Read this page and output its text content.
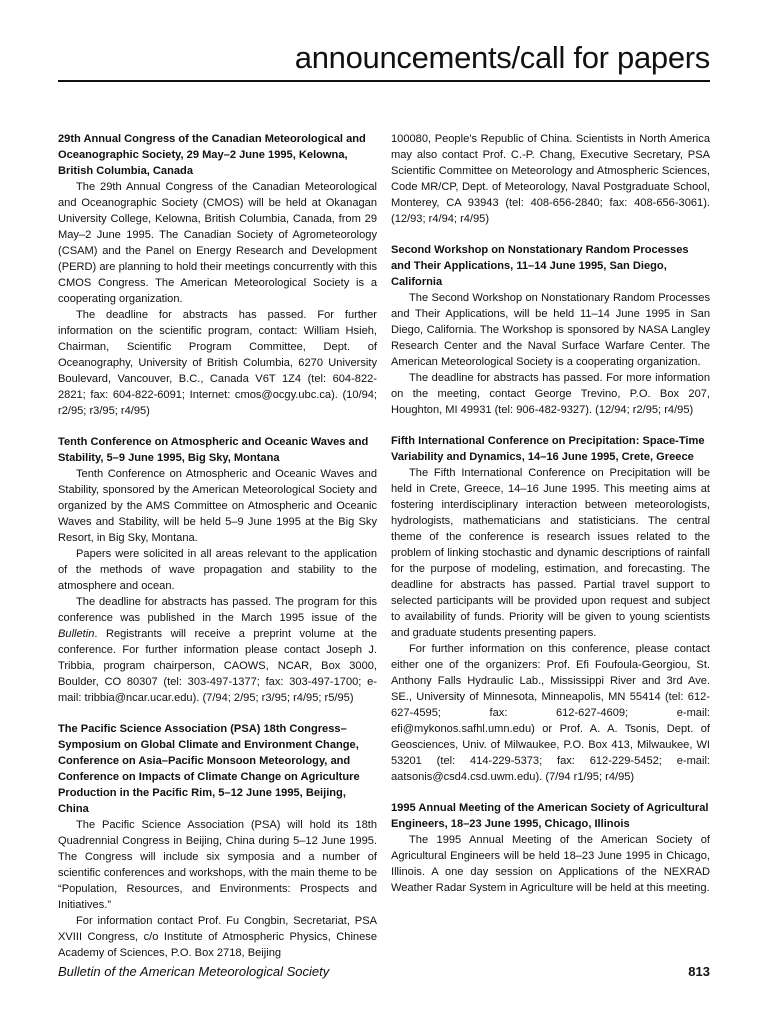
announcements/call for papers
29th Annual Congress of the Canadian Meteorological and Oceanographic Society, 29 May–2 June 1995, Kelowna, British Columbia, Canada

The 29th Annual Congress of the Canadian Meteorological and Oceanographic Society (CMOS) will be held at Okanagan University College, Kelowna, British Columbia, Canada, from 29 May–2 June 1995. The Canadian Society of Agrometeorology (CSAM) and the Panel on Energy Research and Development (PERD) are planning to hold their meetings concurrently with this CMOS Congress. The American Meteorological Society is a cooperating organization.

The deadline for abstracts has passed. For further information on the scientific program, contact: William Hsieh, Chairman, Scientific Program Committee, Dept. of Oceanography, University of British Columbia, 6270 University Boulevard, Vancouver, B.C., Canada V6T 1Z4 (tel: 604-822-2821; fax: 604-822-6091; Internet: cmos@ocgy.ubc.ca). (10/94; r2/95; r3/95; r4/95)

Tenth Conference on Atmospheric and Oceanic Waves and Stability, 5–9 June 1995, Big Sky, Montana

Tenth Conference on Atmospheric and Oceanic Waves and Stability, sponsored by the American Meteorological Society and organized by the AMS Committee on Atmospheric and Oceanic Waves and Stability, will be held 5–9 June 1995 at the Big Sky Resort, in Big Sky, Montana.

Papers were solicited in all areas relevant to the application of the methods of wave propagation and stability to the atmosphere and ocean.

The deadline for abstracts has passed. The program for this conference was published in the March 1995 issue of the Bulletin. Registrants will receive a preprint volume at the conference. For further information please contact Joseph J. Tribbia, program chairperson, CAOWS, NCAR, Box 3000, Boulder, CO 80307 (tel: 303-497-1377; fax: 303-497-1700; e-mail: tribbia@ncar.ucar.edu). (7/94; 2/95; r3/95; r4/95; r5/95)

The Pacific Science Association (PSA) 18th Congress–Symposium on Global Climate and Environment Change, Conference on Asia–Pacific Monsoon Meteorology, and Conference on Impacts of Climate Change on Agriculture Production in the Pacific Rim, 5–12 June 1995, Beijing, China

The Pacific Science Association (PSA) will hold its 18th Quadrennial Congress in Beijing, China during 5–12 June 1995. The Congress will include six symposia and a number of scientific conferences and workshops, with the main theme to be “Population, Resources, and Environments: Prospects and Initiatives.”

For information contact Prof. Fu Congbin, Secretariat, PSA XVIII Congress, c/o Institute of Atmospheric Physics, Chinese Academy of Sciences, P.O. Box 2718, Beijing

100080, People’s Republic of China. Scientists in North America may also contact Prof. C.-P. Chang, Executive Secretary, PSA Scientific Committee on Meteorology and Atmospheric Sciences, Code MR/CP, Dept. of Meteorology, Naval Postgraduate School, Monterey, CA 93943 (tel: 408-656-2840; fax: 408-656-3061). (12/93; r4/94; r4/95)

Second Workshop on Nonstationary Random Processes and Their Applications, 11–14 June 1995, San Diego, California

The Second Workshop on Nonstationary Random Processes and Their Applications, will be held 11–14 June 1995 in San Diego, California. The Workshop is sponsored by NASA Langley Research Center and the Naval Surface Warfare Center. The American Meteorological Society is a cooperating organization.

The deadline for abstracts has passed. For more information on the meeting, contact George Trevino, P.O. Box 207, Houghton, MI 49931 (tel: 906-482-9327). (12/94; r2/95; r4/95)

Fifth International Conference on Precipitation: Space-Time Variability and Dynamics, 14–16 June 1995, Crete, Greece

The Fifth International Conference on Precipitation will be held in Crete, Greece, 14–16 June 1995. This meeting aims at fostering interdisciplinary interaction between meteorologists, hydrologists, mathematicians and statisticians. The central theme of the conference is research issues related to the problem of linking stochastic and dynamic descriptions of rainfall for the purpose of modeling, estimation, and forecasting. The deadline for abstracts has passed. Partial travel support to selected participants will be provided upon request and subject to availability of funds. Priority will be given to young scientists and graduate students presenting papers.

For further information on this conference, please contact either one of the organizers: Prof. Efi Foufoula-Georgiou, St. Anthony Falls Hydraulic Lab., Mississippi River and 3rd Ave. SE., University of Minnesota, Minneapolis, MN 55414 (tel: 612-627-4595; fax: 612-627-4609; e-mail: efi@mykonos.safhl.umn.edu) or Prof. A. A. Tsonis, Dept. of Geosciences, Univ. of Milwaukee, P.O. Box 413, Milwaukee, WI 53201 (tel: 414-229-5373; fax: 612-229-5452; e-mail: aatsonis@csd4.csd.uwm.edu). (7/94 r1/95; r4/95)

1995 Annual Meeting of the American Society of Agricultural Engineers, 18–23 June 1995, Chicago, Illinois

The 1995 Annual Meeting of the American Society of Agricultural Engineers will be held 18–23 June 1995 in Chicago, Illinois. A one day session on Applications of the NEXRAD Weather Radar System in Agriculture will be held at this meeting.

Bulletin of the American Meteorological Society	813
